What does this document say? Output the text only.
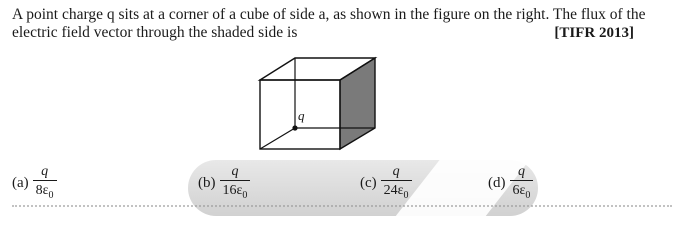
A point charge q sits at a corner of a cube of side a, as shown in the figure on the right. The flux of the
electric field vector through the shaded side is	[TIFR 2013]
q
$(a) \frac{q}{8\varepsilon_0}$	$(b) \frac{q}{16\varepsilon_0}$	$(c) \frac{q}{24\varepsilon_0}$	$(d) \frac{q}{6\varepsilon_0}$
